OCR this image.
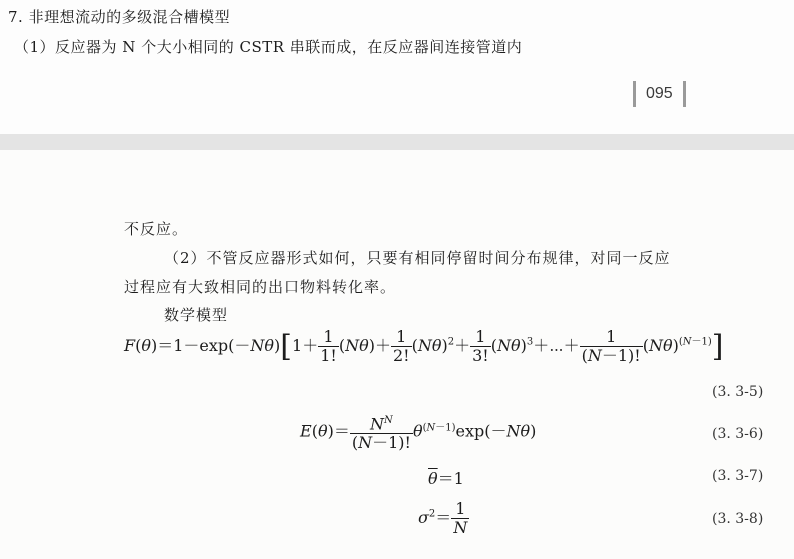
7. 非理想流动的多级混合槽模型
（1）反应器为 N 个大小相同的 CSTR 串联而成，在反应器间连接管道内
095
不反应。
（2）不管反应器形式如何，只要有相同停留时间分布规律，对同一反应
过程应有大致相同的出口物料转化率。
数学模型
$F(\theta)=1-\exp(-N\theta)[1+ \frac{1}{1!} (N\theta)+ \frac{1}{2!} (N\theta)^2+ \frac{1}{3!}$ $(N\theta)^3+\cdots+ \frac{1}{(N-1)!} (N\theta)^{(N-1)}$]
(3. 3-5)
$E(\theta)= \frac{N^N}{(N-1)!} \theta^{(N-1)}\exp(-N\theta)$	(3. 3-6)
$\overline{\theta}=1$	(3. 3-7)
$\sigma^2= \frac{1}{N}$	(3. 3-8)
